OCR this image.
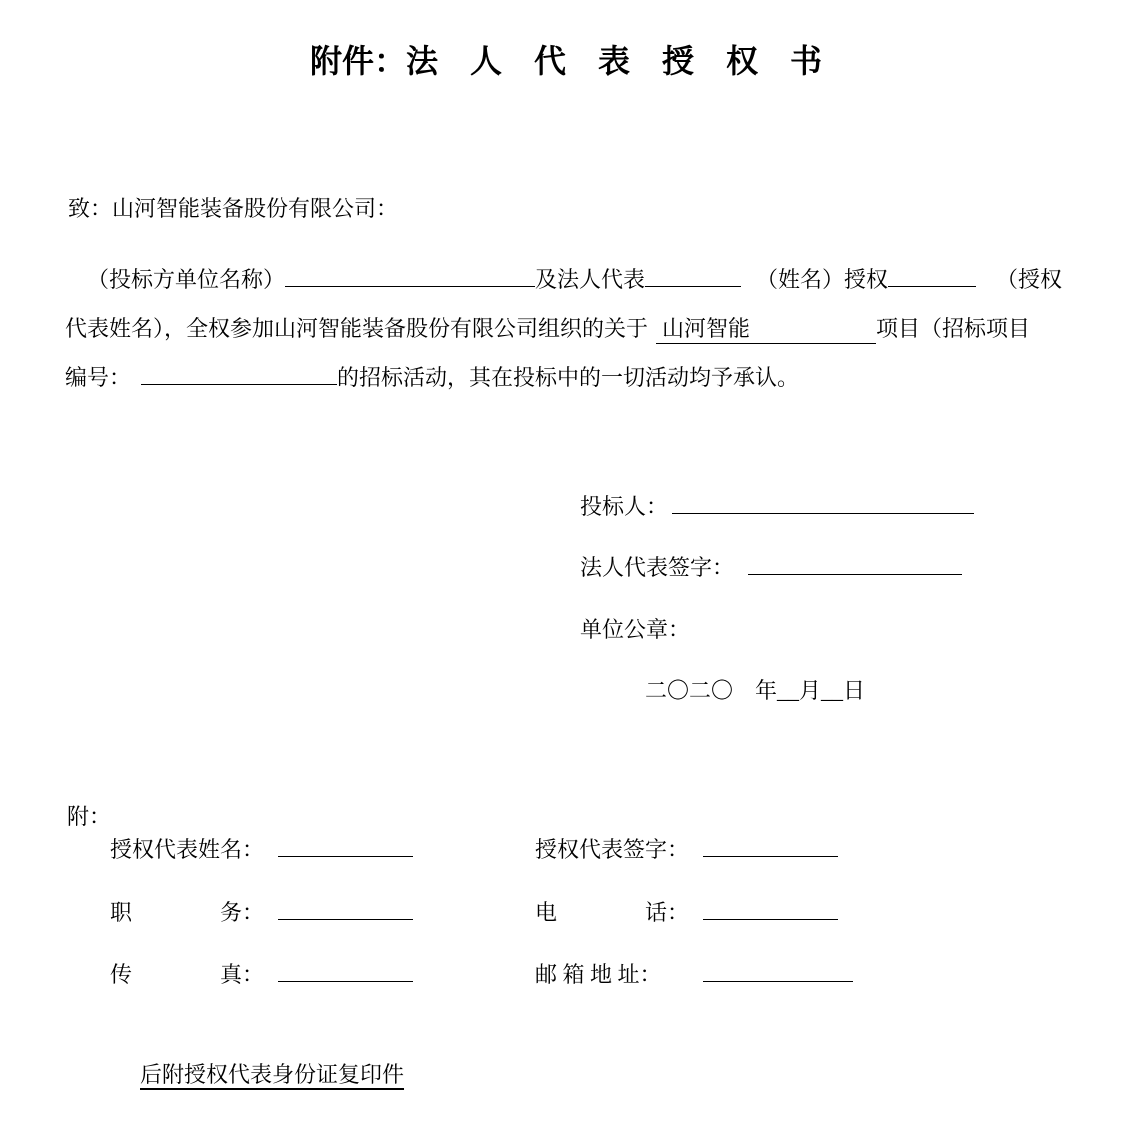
附件：法　人　代　表　授　权　书
致：山河智能装备股份有限公司：
（投标方单位名称）	及法人代表	（姓名）授权	（授权
代表姓名），全权参加山河智能装备股份有限公司组织的关于 山河智能	项目（招标项目
编号：	的招标活动，其在投标中的一切活动均予承认。
投标人：
法人代表签字：
单位公章：
二〇二〇　年__月__日
附：
授权代表姓名：	授权代表签字：
职　　　　务：	电　　　　话：
传　　　　真：	邮 箱 地 址：
后附授权代表身份证复印件
